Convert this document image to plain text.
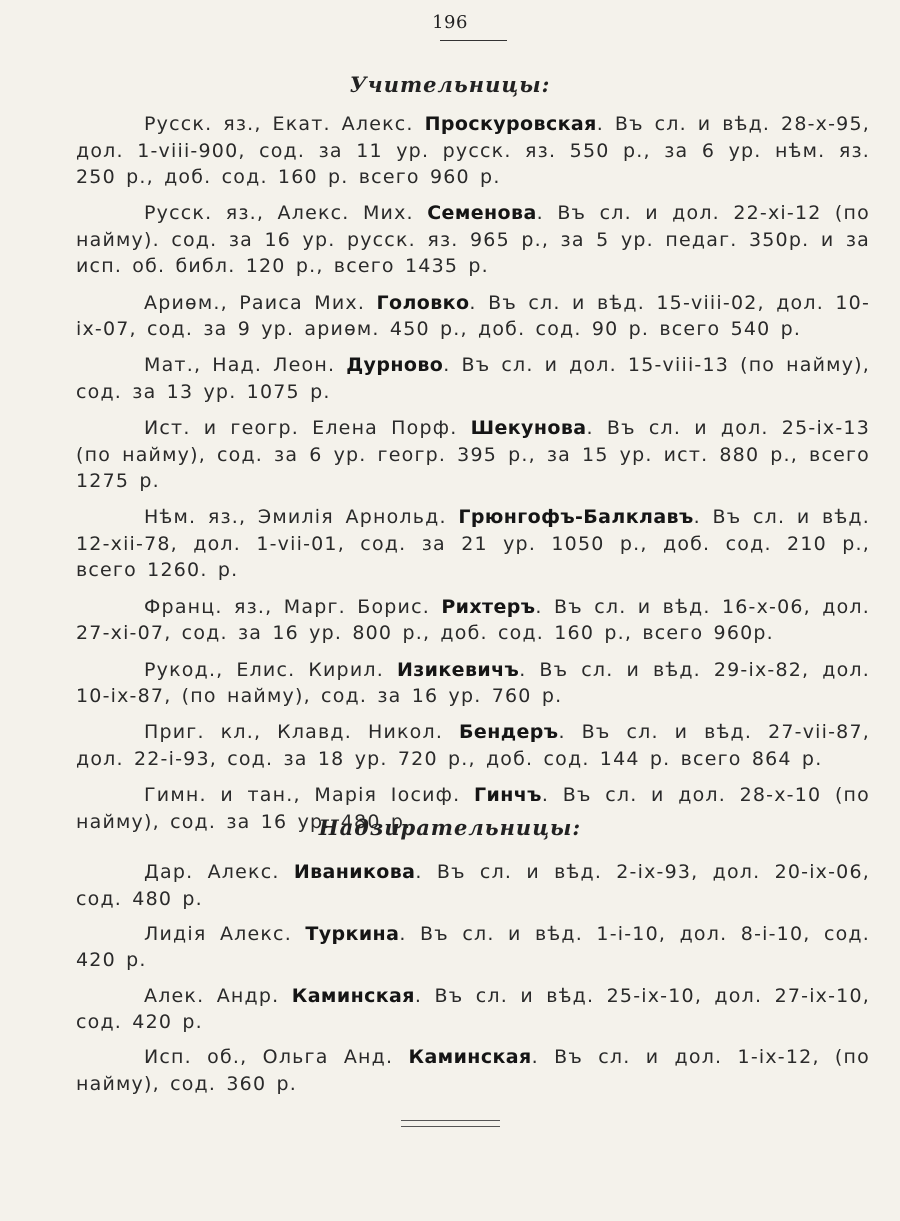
196
Учительницы:

Русск. яз., Екат. Алекс. Проскуровская. Въ сл. и вѣд. 28-x-95, дол. 1-viii-900, сод. за 11 ур. русск. яз. 550 р., за 6 ур. нѣм. яз. 250 р., доб. сод. 160 р. всего 960 р.

Русск. яз., Алекс. Мих. Семенова. Въ сл. и дол. 22-xi-12 (по найму). сод. за 16 ур. русск. яз. 965 р., за 5 ур. педаг. 350р. и за исп. об. библ. 120 р., всего 1435 р.

Ариѳм., Раиса Мих. Головко. Въ сл. и вѣд. 15-viii-02, дол. 10-ix-07, сод. за 9 ур. ариѳм. 450 р., доб. сод. 90 р. всего 540 р.

Мат., Над. Леон. Дурново. Въ сл. и дол. 15-viii-13 (по найму), сод. за 13 ур. 1075 р.

Ист. и геогр. Елена Порф. Шекунова. Въ сл. и дол. 25-ix-13 (по найму), сод. за 6 ур. геогр. 395 р., за 15 ур. ист. 880 р., всего 1275 р.

Нѣм. яз., Эмилія Арнольд. Грюнгофъ-Балклавъ. Въ сл. и вѣд. 12-xii-78, дол. 1-vii-01, сод. за 21 ур. 1050 р., доб. сод. 210 р., всего 1260. р.

Франц. яз., Марг. Борис. Рихтеръ. Въ сл. и вѣд. 16-x-06, дол. 27-xi-07, сод. за 16 ур. 800 р., доб. сод. 160 р., всего 960р.

Рукод., Елис. Кирил. Изикевичъ. Въ сл. и вѣд. 29-ix-82, дол. 10-ix-87, (по найму), сод. за 16 ур. 760 р.

Приг. кл., Клавд. Никол. Бендеръ. Въ сл. и вѣд. 27-vii-87, дол. 22-i-93, сод. за 18 ур. 720 р., доб. сод. 144 р. всего 864 р.

Гимн. и тан., Марія Іосиф. Гинчъ. Въ сл. и дол. 28-x-10 (по найму), сод. за 16 ур. 480 р.

Надзирательницы:

Дар. Алекс. Иваникова. Въ сл. и вѣд. 2-ix-93, дол. 20-ix-06, сод. 480 р.

Лидія Алекс. Туркина. Въ сл. и вѣд. 1-i-10, дол. 8-i-10, сод. 420 р.

Алек. Андр. Каминская. Въ сл. и вѣд. 25-ix-10, дол. 27-ix-10, сод. 420 р.

Исп. об., Ольга Анд. Каминская. Въ сл. и дол. 1-ix-12, (по найму), сод. 360 р.
